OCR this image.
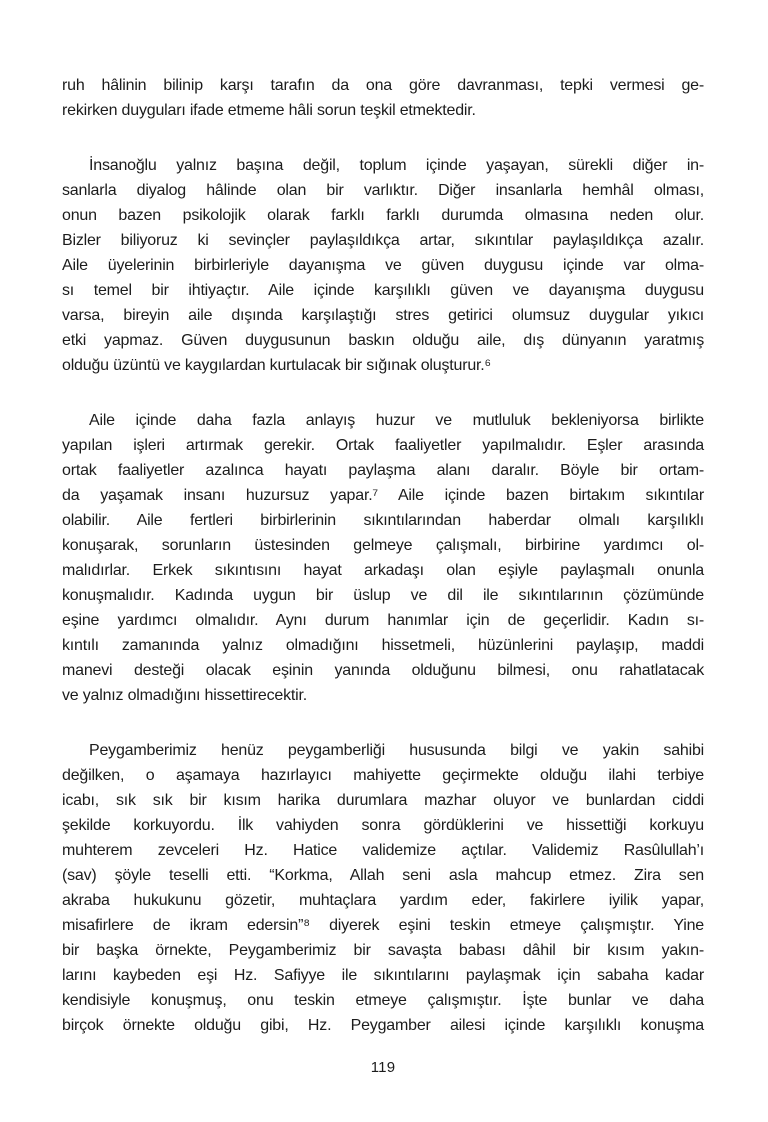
ruh hâlinin bilinip karşı tarafın da ona göre davranması, tepki vermesi ge-
rekirken duyguları ifade etmeme hâli sorun teşkil etmektedir.
İnsanoğlu yalnız başına değil, toplum içinde yaşayan, sürekli diğer in-
sanlarla diyalog hâlinde olan bir varlıktır. Diğer insanlarla hemhâl olması,
onun bazen psikolojik olarak farklı farklı durumda olmasına neden olur.
Bizler biliyoruz ki sevinçler paylaşıldıkça artar, sıkıntılar paylaşıldıkça azalır.
Aile üyelerinin birbirleriyle dayanışma ve güven duygusu içinde var olma-
sı temel bir ihtiyaçtır. Aile içinde karşılıklı güven ve dayanışma duygusu
varsa, bireyin aile dışında karşılaştığı stres getirici olumsuz duygular yıkıcı
etki yapmaz. Güven duygusunun baskın olduğu aile, dış dünyanın yaratmış
olduğu üzüntü ve kaygılardan kurtulacak bir sığınak oluşturur.⁶
Aile içinde daha fazla anlayış huzur ve mutluluk bekleniyorsa birlikte
yapılan işleri artırmak gerekir. Ortak faaliyetler yapılmalıdır. Eşler arasında
ortak faaliyetler azalınca hayatı paylaşma alanı daralır. Böyle bir ortam-
da yaşamak insanı huzursuz yapar.⁷ Aile içinde bazen birtakım sıkıntılar
olabilir. Aile fertleri birbirlerinin sıkıntılarından haberdar olmalı karşılıklı
konuşarak, sorunların üstesinden gelmeye çalışmalı, birbirine yardımcı ol-
malıdırlar. Erkek sıkıntısını hayat arkadaşı olan eşiyle paylaşmalı onunla
konuşmalıdır. Kadında uygun bir üslup ve dil ile sıkıntılarının çözümünde
eşine yardımcı olmalıdır. Aynı durum hanımlar için de geçerlidir. Kadın sı-
kıntılı zamanında yalnız olmadığını hissetmeli, hüzünlerini paylaşıp, maddi
manevi desteği olacak eşinin yanında olduğunu bilmesi, onu rahatlatacak
ve yalnız olmadığını hissettirecektir.
Peygamberimiz henüz peygamberliği hususunda bilgi ve yakin sahibi
değilken, o aşamaya hazırlayıcı mahiyette geçirmekte olduğu ilahi terbiye
icabı, sık sık bir kısım harika durumlara mazhar oluyor ve bunlardan ciddi
şekilde korkuyordu. İlk vahiyden sonra gördüklerini ve hissettiği korkuyu
muhterem zevceleri Hz. Hatice validemize açtılar. Validemiz Rasûlullah’ı
(sav) şöyle teselli etti. “Korkma, Allah seni asla mahcup etmez. Zira sen
akraba hukukunu gözetir, muhtaçlara yardım eder, fakirlere iyilik yapar,
misafirlere de ikram edersin”⁸ diyerek eşini teskin etmeye çalışmıştır. Yine
bir başka örnekte, Peygamberimiz bir savaşta babası dâhil bir kısım yakın-
larını kaybeden eşi Hz. Safiyye ile sıkıntılarını paylaşmak için sabaha kadar
kendisiyle konuşmuş, onu teskin etmeye çalışmıştır. İşte bunlar ve daha
birçok örnekte olduğu gibi, Hz. Peygamber ailesi içinde karşılıklı konuşma
119
